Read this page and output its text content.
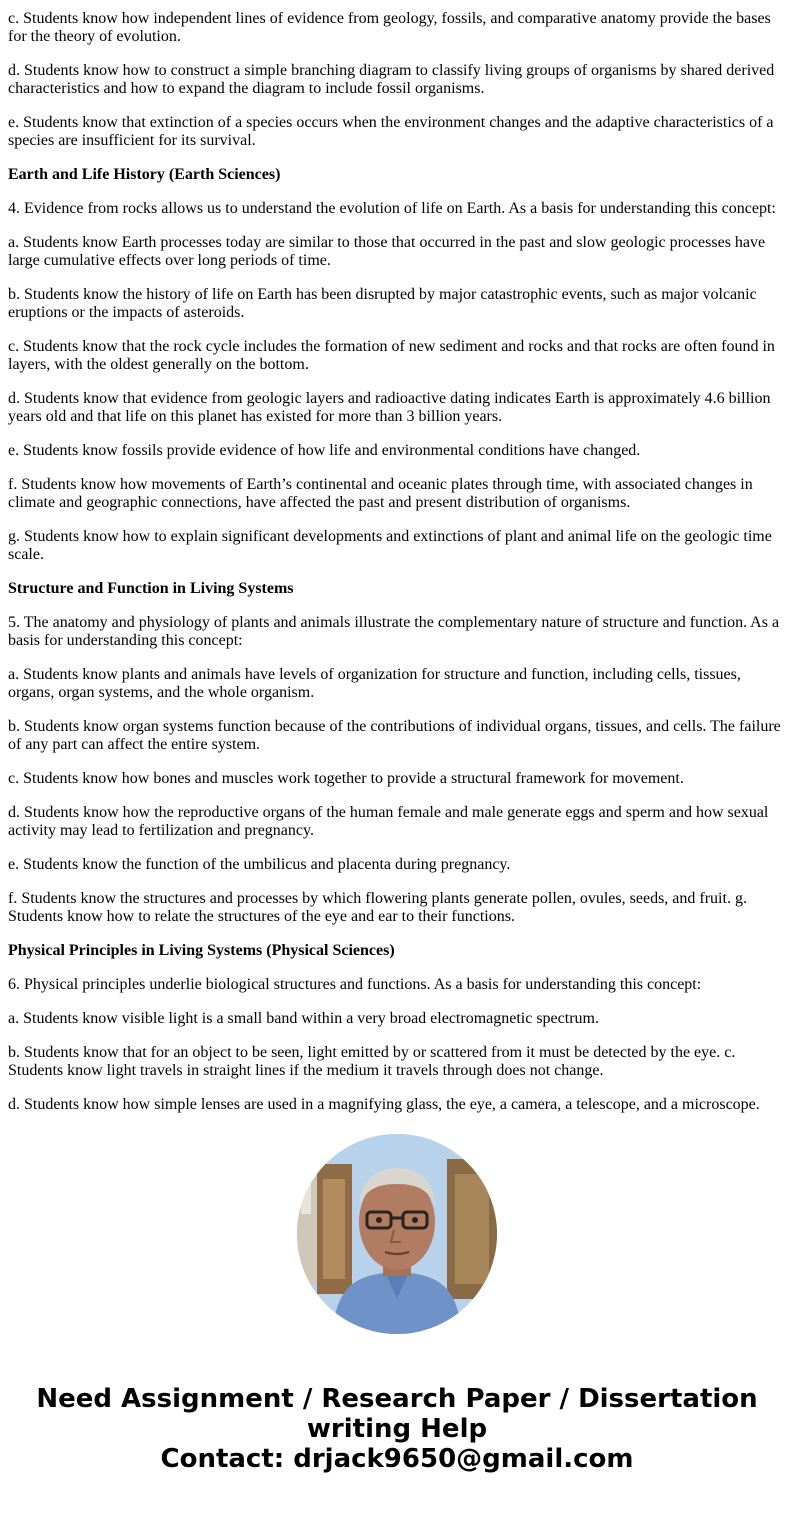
c. Students know how independent lines of evidence from geology, fossils, and comparative anatomy provide the bases for the theory of evolution.

d. Students know how to construct a simple branching diagram to classify living groups of organisms by shared derived characteristics and how to expand the diagram to include fossil organisms.

e. Students know that extinction of a species occurs when the environment changes and the adaptive characteristics of a species are insufficient for its survival.

Earth and Life History (Earth Sciences)

4. Evidence from rocks allows us to understand the evolution of life on Earth. As a basis for understanding this concept:

a. Students know Earth processes today are similar to those that occurred in the past and slow geologic processes have large cumulative effects over long periods of time.

b. Students know the history of life on Earth has been disrupted by major catastrophic events, such as major volcanic eruptions or the impacts of asteroids.

c. Students know that the rock cycle includes the formation of new sediment and rocks and that rocks are often found in layers, with the oldest generally on the bottom.

d. Students know that evidence from geologic layers and radioactive dating indicates Earth is approximately 4.6 billion years old and that life on this planet has existed for more than 3 billion years.

e. Students know fossils provide evidence of how life and environmental conditions have changed.

f. Students know how movements of Earth’s continental and oceanic plates through time, with associated changes in climate and geographic connections, have affected the past and present distribution of organisms.

g. Students know how to explain significant developments and extinctions of plant and animal life on the geologic time scale.

Structure and Function in Living Systems

5. The anatomy and physiology of plants and animals illustrate the complementary nature of structure and function. As a basis for understanding this concept:

a. Students know plants and animals have levels of organization for structure and function, including cells, tissues, organs, organ systems, and the whole organism.

b. Students know organ systems function because of the contributions of individual organs, tissues, and cells. The failure of any part can affect the entire system.

c. Students know how bones and muscles work together to provide a structural framework for movement.

d. Students know how the reproductive organs of the human female and male generate eggs and sperm and how sexual activity may lead to fertilization and pregnancy.

e. Students know the function of the umbilicus and placenta during pregnancy.

f. Students know the structures and processes by which flowering plants generate pollen, ovules, seeds, and fruit. g. Students know how to relate the structures of the eye and ear to their functions.

Physical Principles in Living Systems (Physical Sciences)

6. Physical principles underlie biological structures and functions. As a basis for understanding this concept:

a. Students know visible light is a small band within a very broad electromagnetic spectrum.

b. Students know that for an object to be seen, light emitted by or scattered from it must be detected by the eye. c. Students know light travels in straight lines if the medium it travels through does not change.

d. Students know how simple lenses are used in a magnifying glass, the eye, a camera, a telescope, and a microscope.

Need Assignment / Research Paper / Dissertation writing Help
Contact: drjack9650@gmail.com
